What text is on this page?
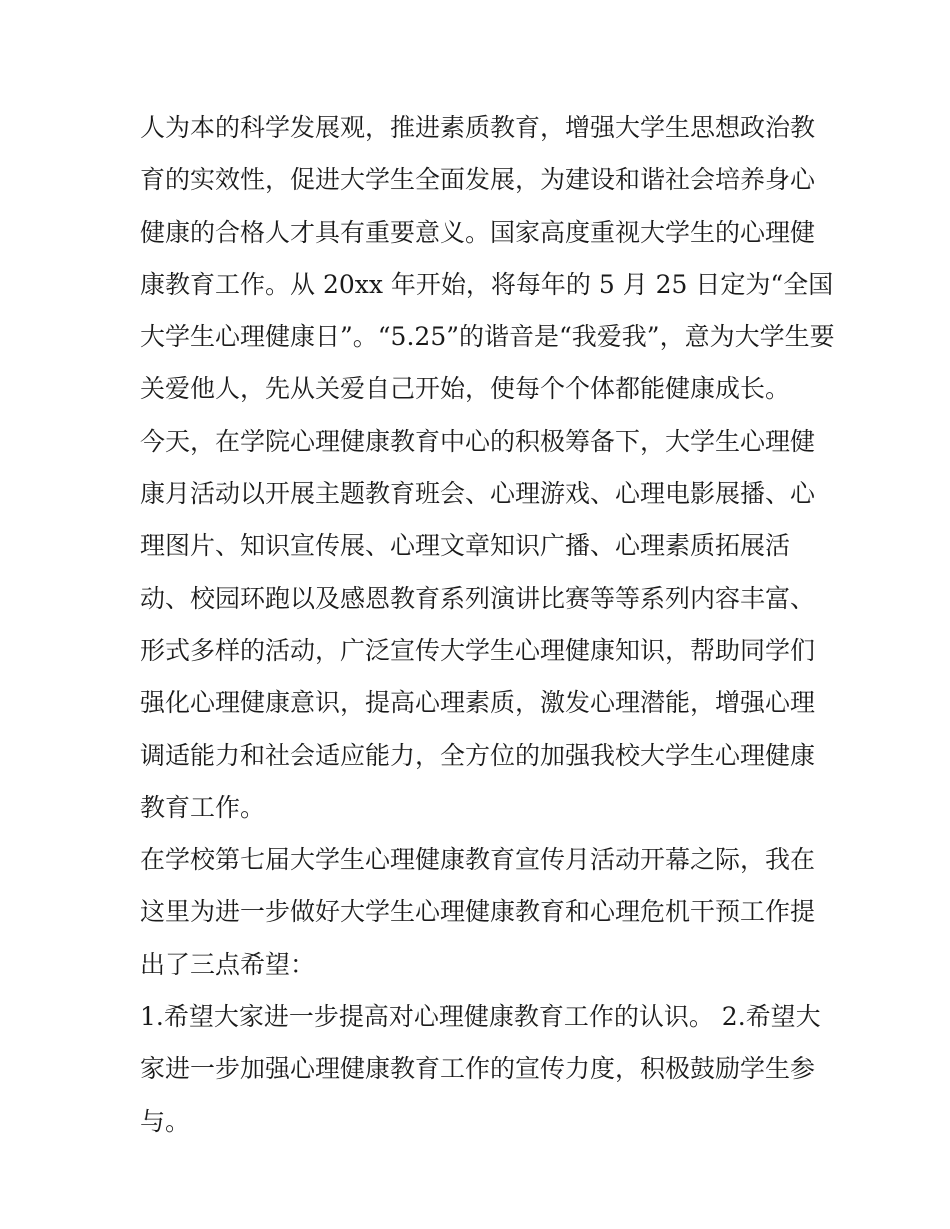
人为本的科学发展观，推进素质教育，增强大学生思想政治教
育的实效性，促进大学生全面发展，为建设和谐社会培养身心
健康的合格人才具有重要意义。国家高度重视大学生的心理健
康教育工作。从 20xx 年开始，将每年的 5 月 25 日定为“全国
大学生心理健康日”。“5.25”的谐音是“我爱我”，意为大学生要
关爱他人，先从关爱自己开始，使每个个体都能健康成长。
今天，在学院心理健康教育中心的积极筹备下，大学生心理健
康月活动以开展主题教育班会、心理游戏、心理电影展播、心
理图片、知识宣传展、心理文章知识广播、心理素质拓展活
动、校园环跑以及感恩教育系列演讲比赛等等系列内容丰富、
形式多样的活动，广泛宣传大学生心理健康知识，帮助同学们
强化心理健康意识，提高心理素质，激发心理潜能，增强心理
调适能力和社会适应能力，全方位的加强我校大学生心理健康
教育工作。
在学校第七届大学生心理健康教育宣传月活动开幕之际，我在
这里为进一步做好大学生心理健康教育和心理危机干预工作提
出了三点希望：
1.希望大家进一步提高对心理健康教育工作的认识。 2.希望大
家进一步加强心理健康教育工作的宣传力度，积极鼓励学生参
与。
